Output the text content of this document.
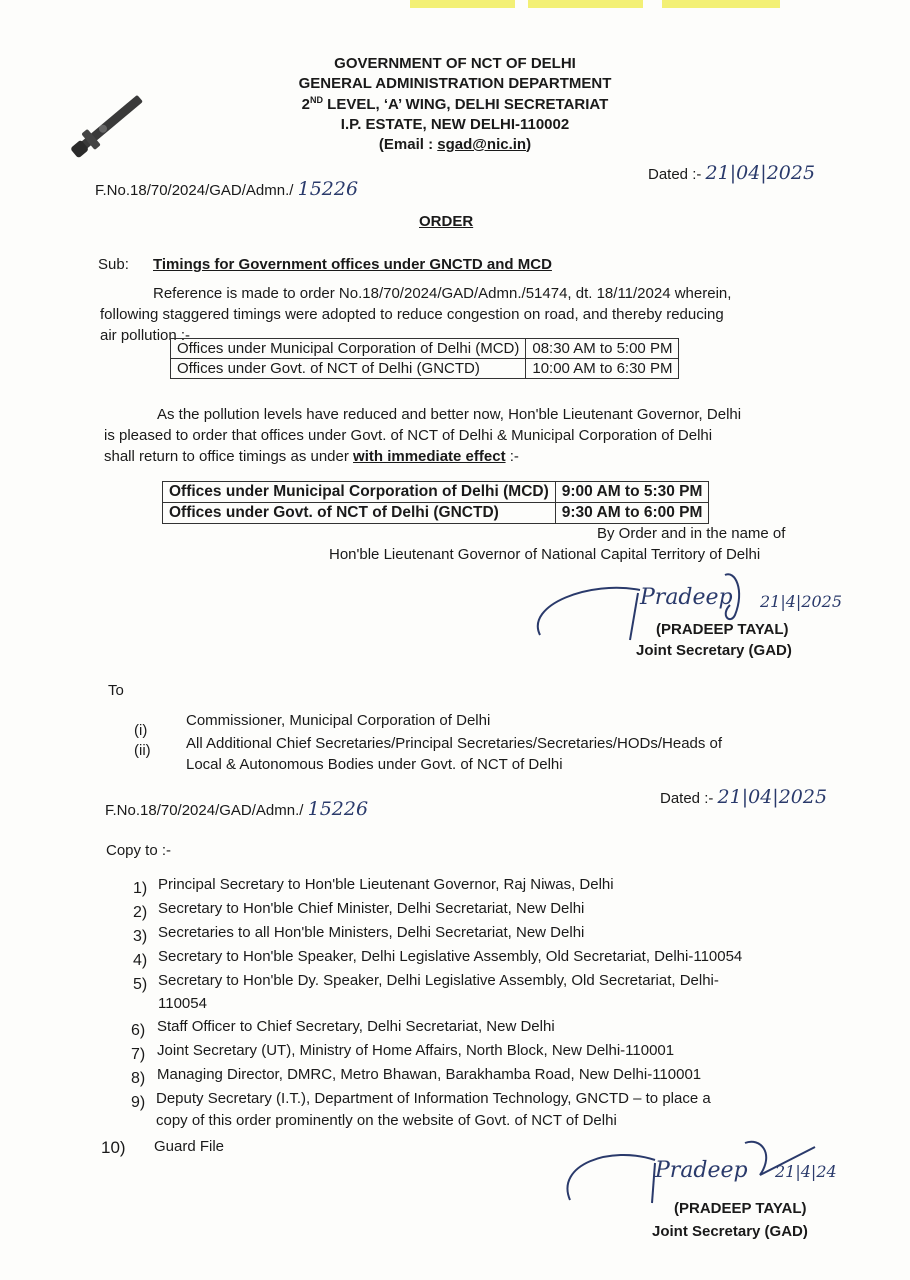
GOVERNMENT OF NCT OF DELHI
GENERAL ADMINISTRATION DEPARTMENT
2ND LEVEL, ‘A’ WING, DELHI SECRETARIAT
I.P. ESTATE, NEW DELHI-110002
(Email : sgad@nic.in)
F.No.18/70/2024/GAD/Admn./ 15226
Dated :- 21|04|2025
ORDER
Sub: Timings for Government offices under GNCTD and MCD
Reference is made to order No.18/70/2024/GAD/Admn./51474, dt. 18/11/2024 wherein,
following staggered timings were adopted to reduce congestion on road, and thereby reducing
air pollution :-
Offices under Municipal Corporation of Delhi (MCD)	08:30 AM to 5:00 PM
Offices under Govt. of NCT of Delhi (GNCTD)	10:00 AM to 6:30 PM
As the pollution levels have reduced and better now, Hon'ble Lieutenant Governor, Delhi
is pleased to order that offices under Govt. of NCT of Delhi & Municipal Corporation of Delhi
shall return to office timings as under with immediate effect :-
Offices under Municipal Corporation of Delhi (MCD)	9:00 AM to 5:30 PM
Offices under Govt. of NCT of Delhi (GNCTD)	9:30 AM to 6:00 PM
By Order and in the name of
Hon'ble Lieutenant Governor of National Capital Territory of Delhi
Pradeep 21|4|2025
(PRADEEP TAYAL)
Joint Secretary (GAD)
To
(i)
Commissioner, Municipal Corporation of Delhi
(ii) All Additional Chief Secretaries/Principal Secretaries/Secretaries/HODs/Heads of
Local & Autonomous Bodies under Govt. of NCT of Delhi
F.No.18/70/2024/GAD/Admn./ 15226	Dated :- 21|04|2025
Copy to :-
1) Principal Secretary to Hon'ble Lieutenant Governor, Raj Niwas, Delhi
2) Secretary to Hon'ble Chief Minister, Delhi Secretariat, New Delhi
3) Secretaries to all Hon'ble Ministers, Delhi Secretariat, New Delhi
4) Secretary to Hon'ble Speaker, Delhi Legislative Assembly, Old Secretariat, Delhi-110054
5) Secretary to Hon'ble Dy. Speaker, Delhi Legislative Assembly, Old Secretariat, Delhi-
110054
6) Staff Officer to Chief Secretary, Delhi Secretariat, New Delhi
7) Joint Secretary (UT), Ministry of Home Affairs, North Block, New Delhi-110001
8) Managing Director, DMRC, Metro Bhawan, Barakhamba Road, New Delhi-110001
9) Deputy Secretary (I.T.), Department of Information Technology, GNCTD – to place a
copy of this order prominently on the website of Govt. of NCT of Delhi
10) Guard File
Pradeep 21|4|24
(PRADEEP TAYAL)
Joint Secretary (GAD)
